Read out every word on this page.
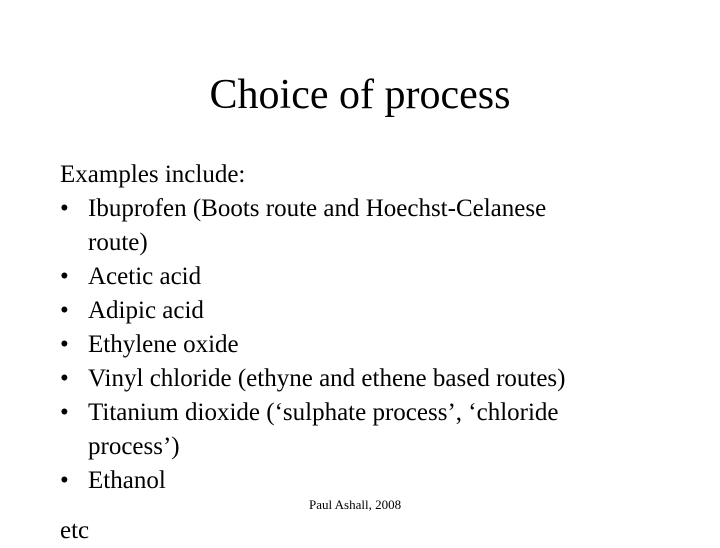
Choice of process
Examples include:
• Ibuprofen (Boots route and Hoechst-Celanese
route)
• Acetic acid
• Adipic acid
• Ethylene oxide
• Vinyl chloride (ethyne and ethene based routes)
• Titanium dioxide (‘sulphate process’, ‘chloride
process’)
• Ethanol
Paul Ashall, 2008
etc
